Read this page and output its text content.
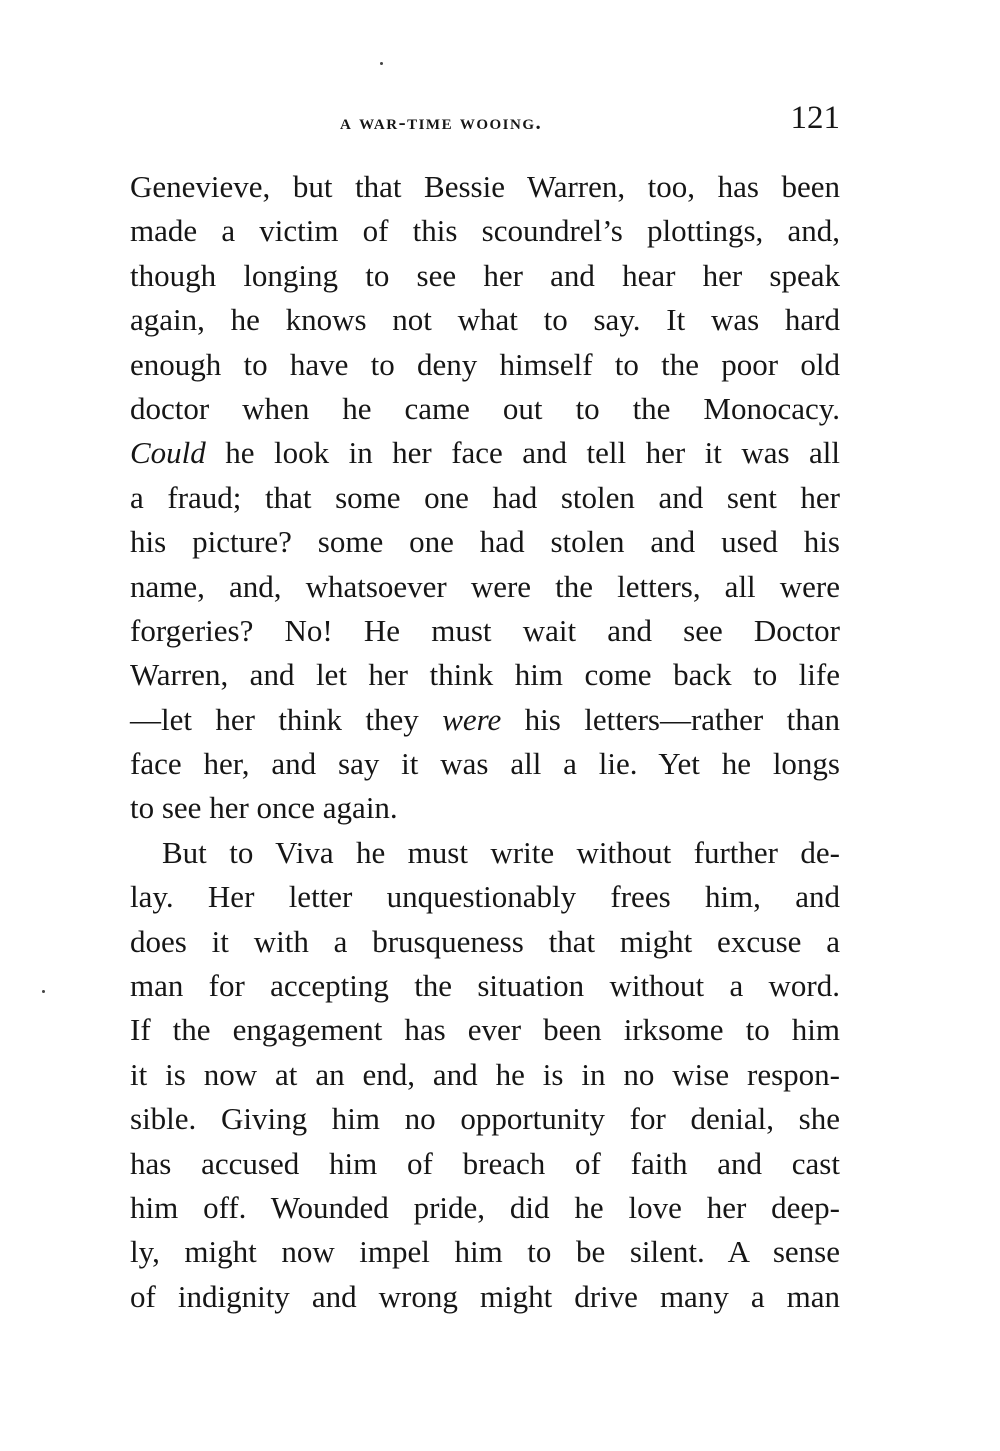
a war-time wooing.	121
Genevieve, but that Bessie Warren, too, has been
made a victim of this scoundrel’s plottings, and,
though longing to see her and hear her speak
again, he knows not what to say. It was hard
enough to have to deny himself to the poor old
doctor when he came out to the Monocacy.
Could he look in her face and tell her it was all
a fraud; that some one had stolen and sent her
his picture? some one had stolen and used his
name, and, whatsoever were the letters, all were
forgeries? No! He must wait and see Doctor
Warren, and let her think him come back to life
—let her think they were his letters—rather than
face her, and say it was all a lie. Yet he longs
to see her once again.
But to Viva he must write without further de-
lay. Her letter unquestionably frees him, and
does it with a brusqueness that might excuse a
man for accepting the situation without a word.
If the engagement has ever been irksome to him
it is now at an end, and he is in no wise respon-
sible. Giving him no opportunity for denial, she
has accused him of breach of faith and cast
him off. Wounded pride, did he love her deep-
ly, might now impel him to be silent. A sense
of indignity and wrong might drive many a man
